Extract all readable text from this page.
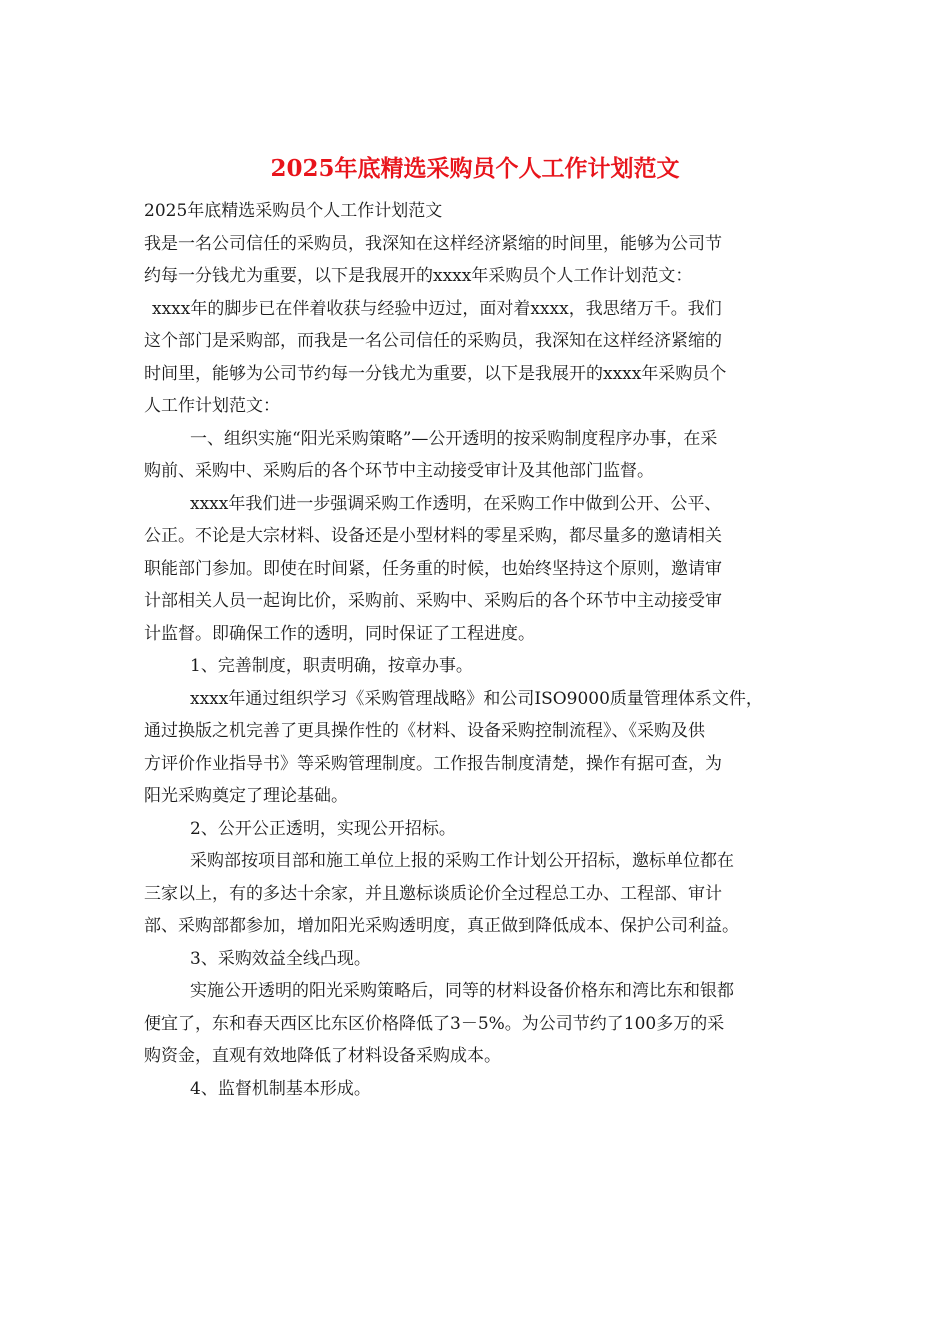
2025年底精选采购员个人工作计划范文
2025年底精选采购员个人工作计划范文
我是一名公司信任的采购员，我深知在这样经济紧缩的时间里，能够为公司节
约每一分钱尤为重要，以下是我展开的xxxx年采购员个人工作计划范文：
xxxx年的脚步已在伴着收获与经验中迈过，面对着xxxx，我思绪万千。我们
这个部门是采购部，而我是一名公司信任的采购员，我深知在这样经济紧缩的
时间里，能够为公司节约每一分钱尤为重要，以下是我展开的xxxx年采购员个
人工作计划范文：
一、组织实施“阳光采购策略”—公开透明的按采购制度程序办事，在采
购前、采购中、采购后的各个环节中主动接受审计及其他部门监督。
xxxx年我们进一步强调采购工作透明，在采购工作中做到公开、公平、
公正。不论是大宗材料、设备还是小型材料的零星采购，都尽量多的邀请相关
职能部门参加。即使在时间紧，任务重的时候，也始终坚持这个原则，邀请审
计部相关人员一起询比价，采购前、采购中、采购后的各个环节中主动接受审
计监督。即确保工作的透明，同时保证了工程进度。
1、完善制度，职责明确，按章办事。
xxxx年通过组织学习《采购管理战略》和公司ISO9000质量管理体系文件，
通过换版之机完善了更具操作性的《材料、设备采购控制流程》、《采购及供
方评价作业指导书》等采购管理制度。工作报告制度清楚，操作有据可查，为
阳光采购奠定了理论基础。
2、公开公正透明，实现公开招标。
采购部按项目部和施工单位上报的采购工作计划公开招标，邀标单位都在
三家以上，有的多达十余家，并且邀标谈质论价全过程总工办、工程部、审计
部、采购部都参加，增加阳光采购透明度，真正做到降低成本、保护公司利益。
3、采购效益全线凸现。
实施公开透明的阳光采购策略后，同等的材料设备价格东和湾比东和银都
便宜了，东和春天西区比东区价格降低了3－5%。为公司节约了100多万的采
购资金，直观有效地降低了材料设备采购成本。
4、监督机制基本形成。
